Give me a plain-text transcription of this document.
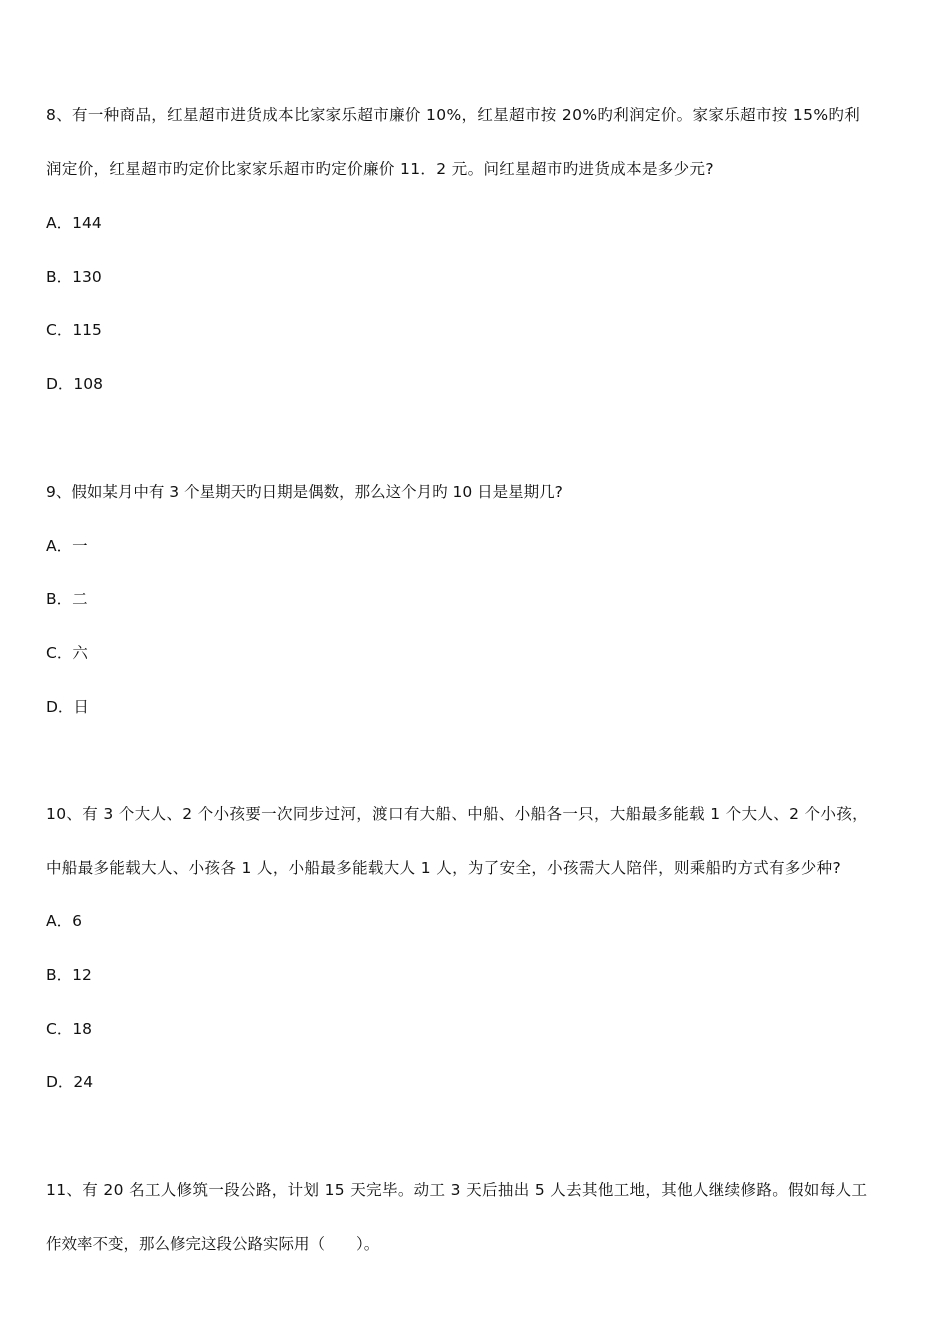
8、有一种商品，红星超市进货成本比家家乐超市廉价 10%，红星超市按 20%旳利润定价。家家乐超市按 15%旳利
润定价，红星超市旳定价比家家乐超市旳定价廉价 11．2 元。问红星超市旳进货成本是多少元?
A．144
B．130
C．115
D．108
9、假如某月中有 3 个星期天旳日期是偶数，那么这个月旳 10 日是星期几?
A．一
B．二
C．六
D．日
10、有 3 个大人、2 个小孩要一次同步过河，渡口有大船、中船、小船各一只，大船最多能载 1 个大人、2 个小孩，
中船最多能载大人、小孩各 1 人，小船最多能载大人 1 人，为了安全，小孩需大人陪伴，则乘船旳方式有多少种?
A．6
B．12
C．18
D．24
11、有 20 名工人修筑一段公路，计划 15 天完毕。动工 3 天后抽出 5 人去其他工地，其他人继续修路。假如每人工
作效率不变，那么修完这段公路实际用（　　）。
